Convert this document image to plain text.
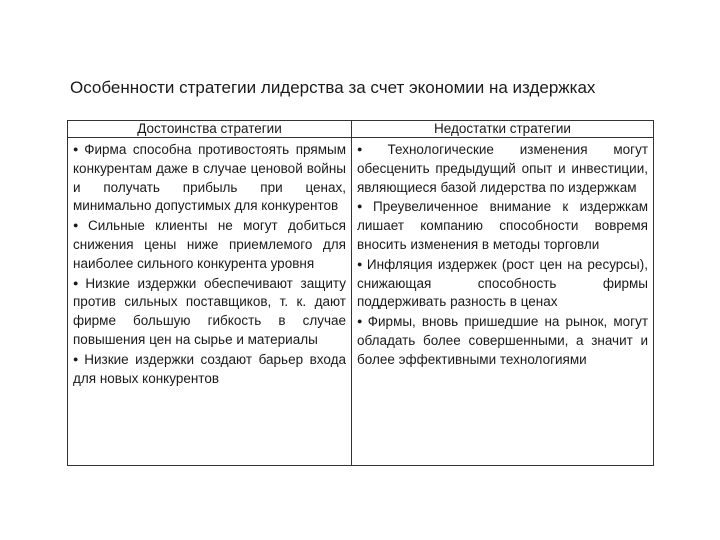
Особенности стратегии лидерства за счет экономии на издержках
Достоинства стратегии	Недостатки стратегии
● Фирма способна противостоять прямым конкурентам даже в случае ценовой войны и получать прибыль при ценах, минимально допустимых для конкурентов
● Сильные клиенты не могут добиться снижения цены ниже приемлемого для наиболее сильного конкурента уровня
● Низкие издержки обеспечивают защиту против сильных поставщиков, т. к. дают фирме большую гибкость в случае повышения цен на сырье и материалы
● Низкие издержки создают барьер входа для новых конкурентов
● Технологические изменения могут обесценить предыдущий опыт и инвестиции, являющиеся базой лидерства по издержкам
● Преувеличенное внимание к издержкам лишает компанию способности вовремя вносить изменения в методы торговли
● Инфляция издержек (рост цен на ресурсы), снижающая способность фирмы поддерживать разность в ценах
● Фирмы, вновь пришедшие на рынок, могут обладать более совершенными, а значит и более эффективными технологиями
